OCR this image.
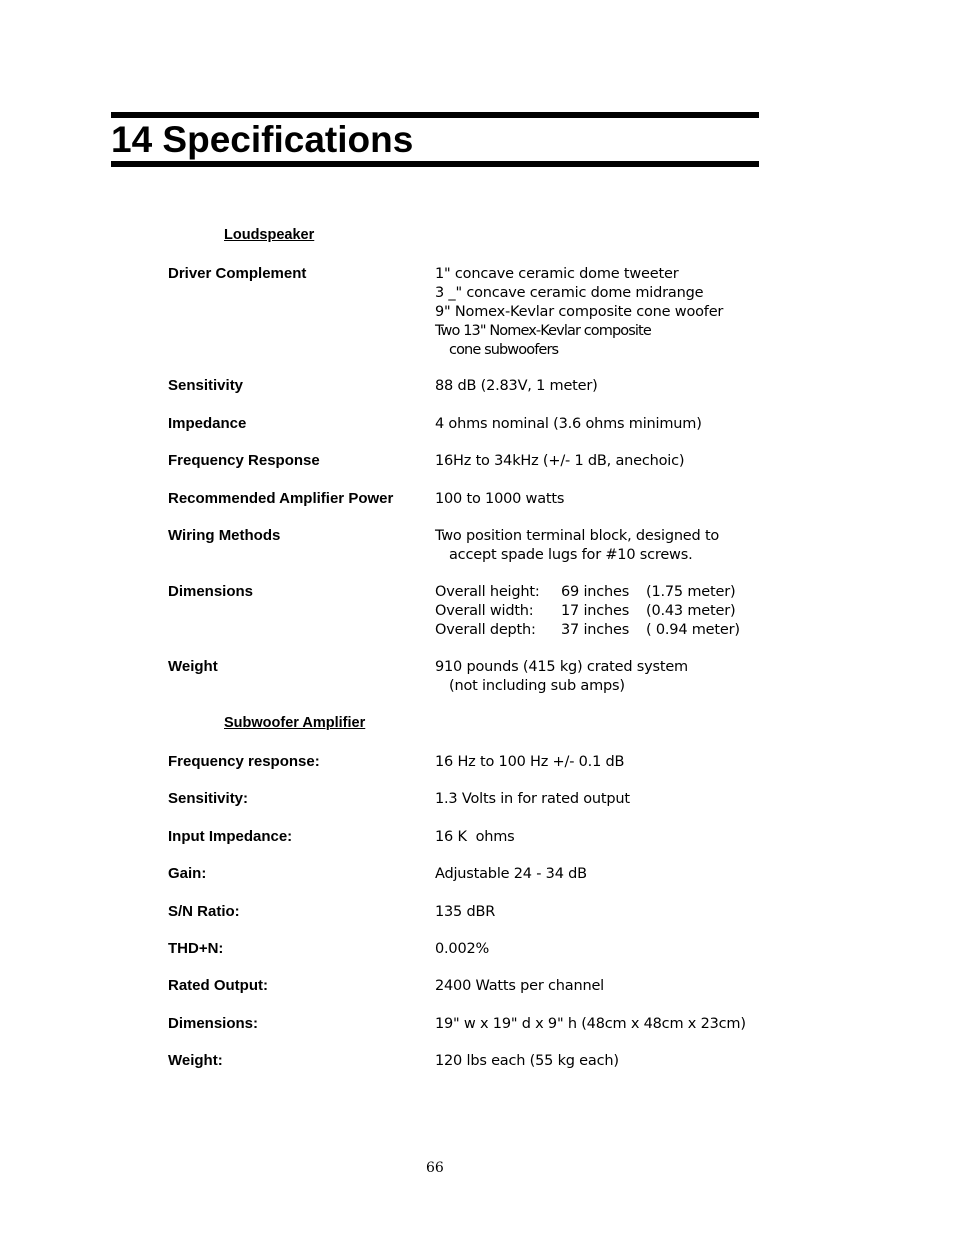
14 Specifications
Loudspeaker
Driver Complement	1" concave ceramic dome tweeter
3 _" concave ceramic dome midrange
9" Nomex-Kevlar composite cone woofer
Two 13" Nomex-Kevlar composite
cone subwoofers
Sensitivity	88 dB (2.83V, 1 meter)
Impedance	4 ohms nominal (3.6 ohms minimum)
Frequency Response	16Hz to 34kHz (+/- 1 dB, anechoic)
Recommended Amplifier Power	100 to 1000 watts
Wiring Methods	Two position terminal block, designed to
accept spade lugs for #10 screws.
Dimensions	Overall height:	69 inches	(1.75 meter)
Overall width:	17 inches	(0.43 meter)
Overall depth:	37 inches	( 0.94 meter)
Weight	910 pounds (415 kg) crated system
(not including sub amps)
Subwoofer Amplifier
Frequency response:	16 Hz to 100 Hz +/- 0.1 dB
Sensitivity:	1.3 Volts in for rated output
Input Impedance:	16 K  ohms
Gain:	Adjustable 24 - 34 dB
S/N Ratio:	135 dBR
THD+N:	0.002%
Rated Output:	2400 Watts per channel
Dimensions:	19" w x 19" d x 9" h (48cm x 48cm x 23cm)
Weight:	120 lbs each (55 kg each)
66
